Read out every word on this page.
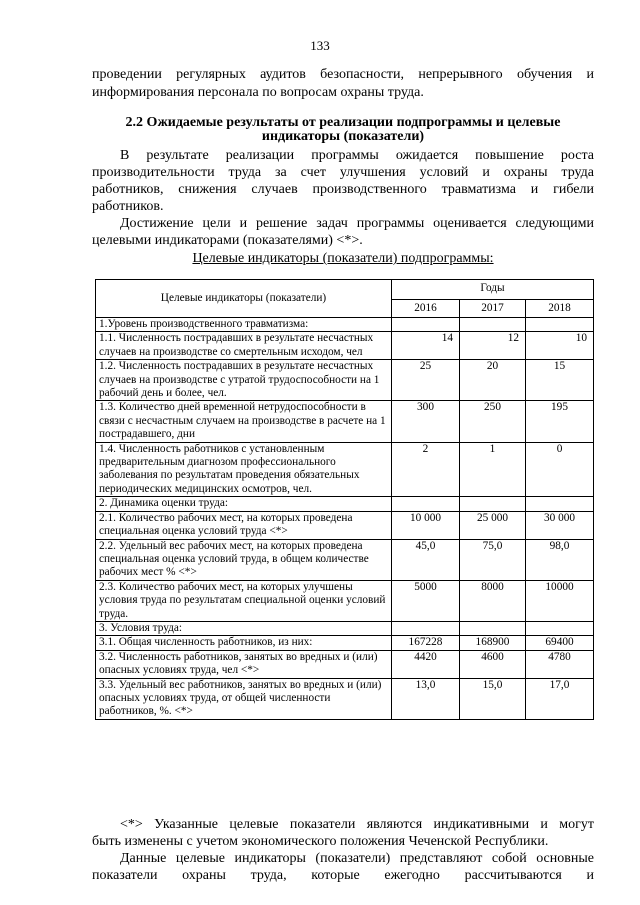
133

проведении регулярных аудитов безопасности, непрерывного обучения и

информирования персонала по вопросам охраны труда.

2.2 Ожидаемые результаты от реализации подпрограммы и целевые
индикаторы (показатели)

В результате реализации программы ожидается повышение роста

производительности труда за счет улучшения условий и охраны труда

работников, снижения случаев производственного травматизма и гибели

работников.

Достижение цели и решение задач программы оценивается следующими

целевыми индикаторами (показателями) <*>.

Целевые индикаторы (показатели) подпрограммы:

Целевые индикаторы (показатели)	Годы		
	2016	2017	2018
1.Уровень производственного травматизма:			
1.1. Численность пострадавших в результате несчастных случаев на производстве со смертельным исходом, чел	14	12	10
1.2. Численность пострадавших в результате несчастных случаев на производстве с утратой трудоспособности на 1 рабочий день и более, чел.	25	20	15
1.3. Количество дней временной нетрудоспособности в связи с несчастным случаем на производстве в расчете на 1 пострадавшего, дни	300	250	195
1.4. Численность работников с установленным предварительным диагнозом профессионального заболевания по результатам проведения обязательных периодических медицинских осмотров, чел.	2	1	0
2. Динамика оценки труда:			
2.1. Количество рабочих мест, на которых проведена специальная оценка условий труда <*>	10 000	25 000	30 000
2.2. Удельный вес рабочих мест, на которых проведена специальная оценка условий труда, в общем количестве рабочих мест % <*>	45,0	75,0	98,0
2.3. Количество рабочих мест, на которых улучшены условия труда по результатам специальной оценки условий труда.	5000	8000	10000
3. Условия труда:			
3.1. Общая численность работников, из них:	167228	168900	69400
3.2. Численность работников, занятых во вредных и (или) опасных условиях труда, чел <*>	4420	4600	4780
3.3. Удельный вес работников, занятых во вредных и (или) опасных условиях труда, от общей численности работников, %. <*>	13,0	15,0	17,0

<*> Указанные целевые показатели являются индикативными и могут

быть изменены с учетом экономического положения Чеченской Республики.

Данные целевые индикаторы (показатели) представляют собой основные

показатели охраны труда, которые ежегодно рассчитываются и
